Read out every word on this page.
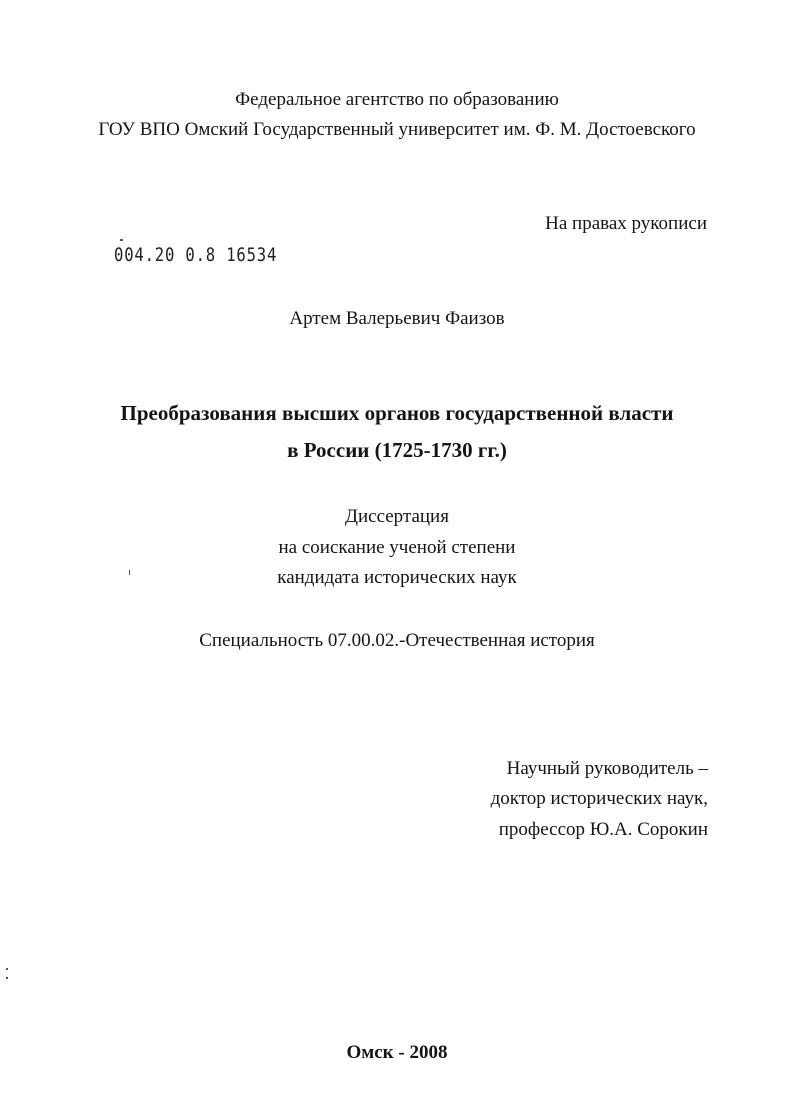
Федеральное агентство по образованию
ГОУ ВПО Омский Государственный университет им. Ф. М. Достоевского
На правах рукописи
004.20 0.8 16534
Артем Валерьевич Фаизов
Преобразования высших органов государственной власти
в России (1725-1730 гг.)
Диссертация
на соискание ученой степени
кандидата исторических наук
Специальность 07.00.02.-Отечественная история
Научный руководитель –
доктор исторических наук,
профессор Ю.А. Сорокин
Омск - 2008
